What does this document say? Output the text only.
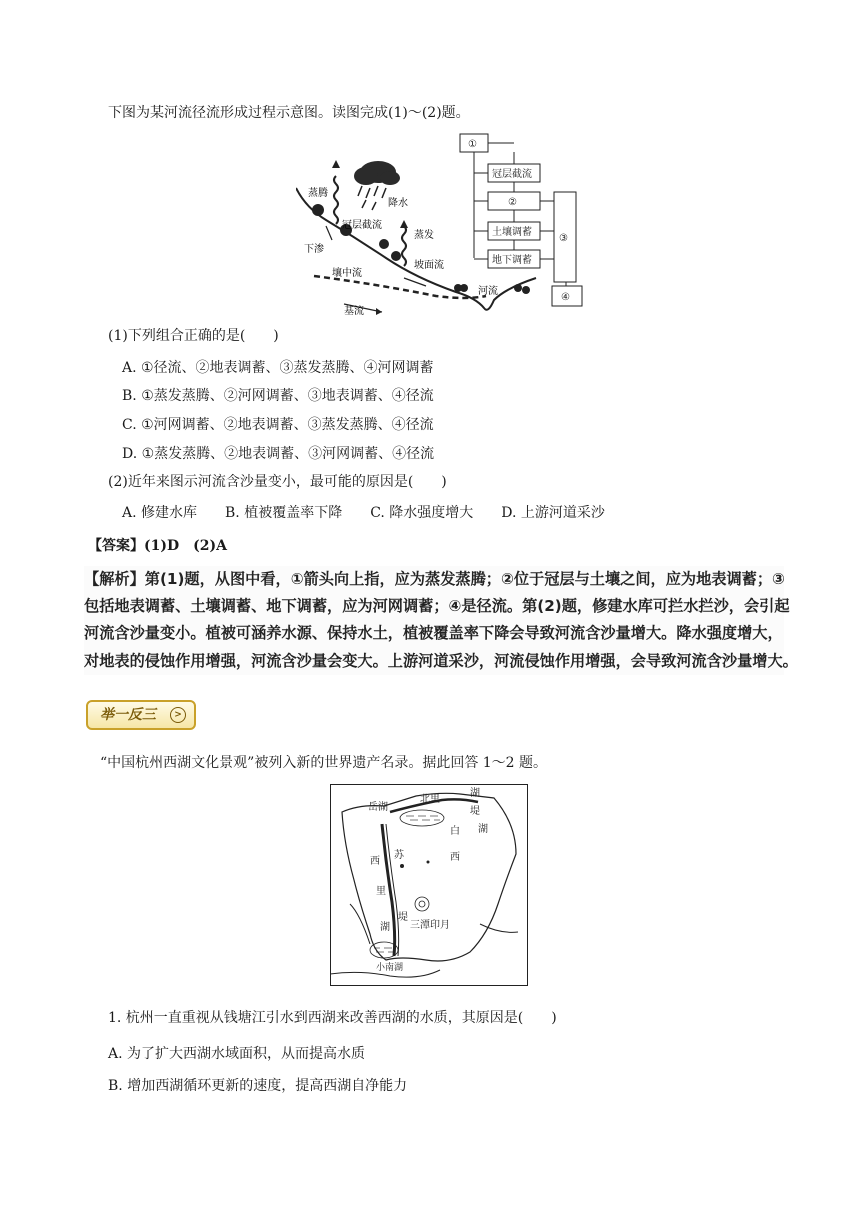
下图为某河流径流形成过程示意图。读图完成(1)～(2)题。
蒸腾
降水
冠层截流
下渗
蒸发
坡面流
壤中流
河流
基流
①
冠层截流
②
土壤调蓄
地下调蓄
③
④
(1)下列组合正确的是(　　)
A. ①径流、②地表调蓄、③蒸发蒸腾、④河网调蓄
B. ①蒸发蒸腾、②河网调蓄、③地表调蓄、④径流
C. ①河网调蓄、②地表调蓄、③蒸发蒸腾、④径流
D. ①蒸发蒸腾、②地表调蓄、③河网调蓄、④径流
(2)近年来图示河流含沙量变小，最可能的原因是(　　)
A. 修建水库　　B. 植被覆盖率下降　　C. 降水强度增大　　D. 上游河道采沙
【答案】(1)D　(2)A
【解析】第(1)题，从图中看，①箭头向上指，应为蒸发蒸腾；②位于冠层与土壤之间，应为地表调蓄；③
包括地表调蓄、土壤调蓄、地下调蓄，应为河网调蓄；④是径流。第(2)题，修建水库可拦水拦沙，会引起
河流含沙量变小。植被可涵养水源、保持水土，植被覆盖率下降会导致河流含沙量增大。降水强度增大，
对地表的侵蚀作用增强，河流含沙量会变大。上游河道采沙，河流侵蚀作用增强，会导致河流含沙量增大。
举一反三	>
“中国杭州西湖文化景观”被列入新的世界遗产名录。据此回答 1～2 题。
岳湖
北里
湖
白
堤
湖
苏
西	西
里
堤
湖 三潭印月
小南湖
1. 杭州一直重视从钱塘江引水到西湖来改善西湖的水质，其原因是(　　)
A. 为了扩大西湖水域面积，从而提高水质
B. 增加西湖循环更新的速度，提高西湖自净能力
